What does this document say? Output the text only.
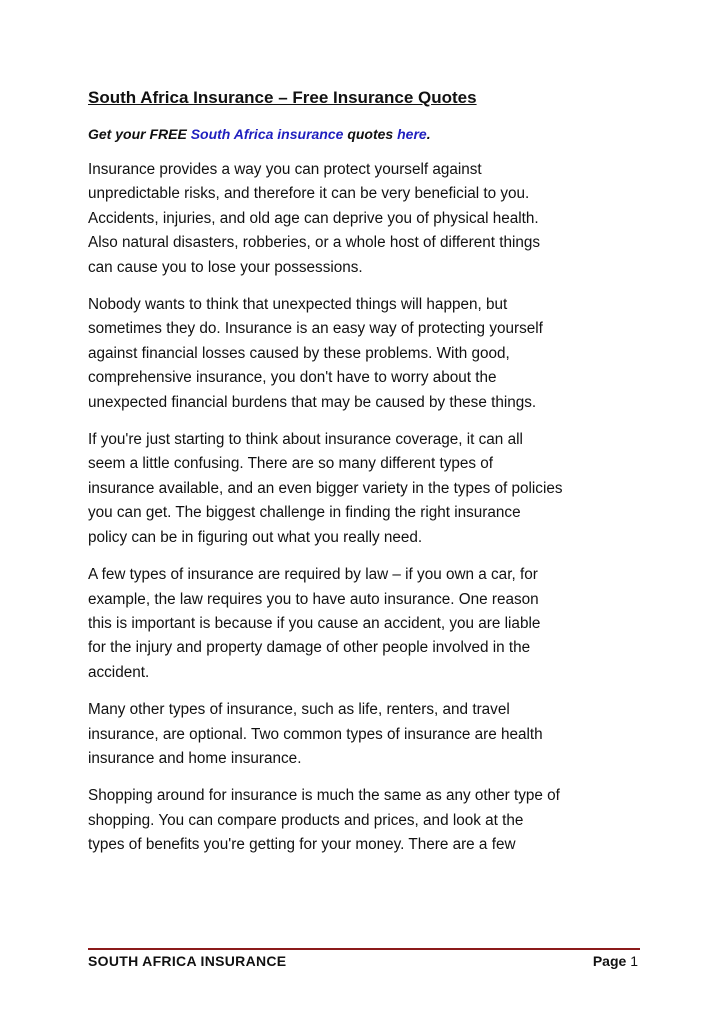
South Africa Insurance – Free Insurance Quotes

Get your FREE South Africa insurance quotes here.

Insurance provides a way you can protect yourself against
unpredictable risks, and therefore it can be very beneficial to you.
Accidents, injuries, and old age can deprive you of physical health.
Also natural disasters, robberies, or a whole host of different things
can cause you to lose your possessions.

Nobody wants to think that unexpected things will happen, but
sometimes they do. Insurance is an easy way of protecting yourself
against financial losses caused by these problems. With good,
comprehensive insurance, you don't have to worry about the
unexpected financial burdens that may be caused by these things.

If you're just starting to think about insurance coverage, it can all
seem a little confusing. There are so many different types of
insurance available, and an even bigger variety in the types of policies
you can get. The biggest challenge in finding the right insurance
policy can be in figuring out what you really need.

A few types of insurance are required by law – if you own a car, for
example, the law requires you to have auto insurance. One reason
this is important is because if you cause an accident, you are liable
for the injury and property damage of other people involved in the
accident.

Many other types of insurance, such as life, renters, and travel
insurance, are optional. Two common types of insurance are health
insurance and home insurance.

Shopping around for insurance is much the same as any other type of
shopping. You can compare products and prices, and look at the
types of benefits you're getting for your money. There are a few

SOUTH AFRICA INSURANCE	Page 1
